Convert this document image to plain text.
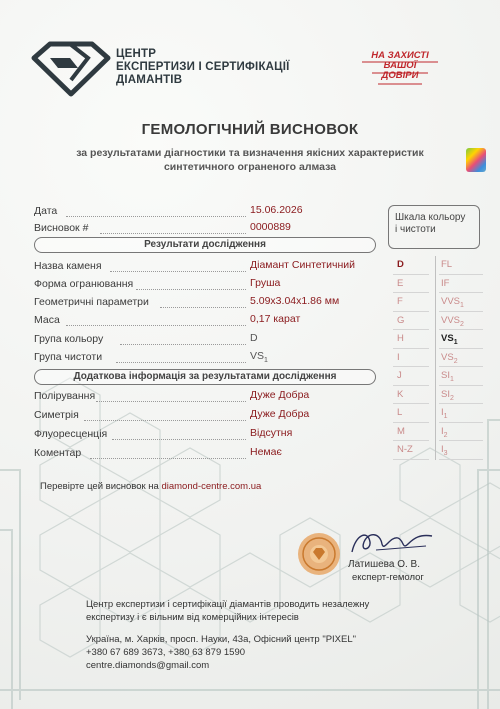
ЦЕНТР
ЕКСПЕРТИЗИ І СЕРТИФІКАЦІЇ
ДІАМАНТІВ
НА ЗАХИСТІ
ВАШОЇ
ДОВІРИ
ГЕМОЛОГІЧНИЙ ВИСНОВОК
за результатами діагностики та визначення якісних характеристик
синтетичного ограненого алмаза
Дата	15.06.2026
Висновок #	0000889
Результати дослідження
Назва каменя	Діамант Синтетичний
Форма огранювання	Груша
Геометричні параметри	5.09х3.04х1.86 мм
Маса	0,17 карат
Група кольору	D
Група чистоти	$VS_1$
Додаткова інформація за результатами дослідження
Полірування	Дуже Добра
Симетрія	Дуже Добра
Флуоресценція	Відсутня
Коментар	Немає
Шкала кольору
і чистоти
D	FL
E	IF
F	$VVS_1$
G	$VVS_2$
H	$VS_1$
I	$VS_2$
J	$SI_1$
K	$SI_2$
L	$I_1$
M	$I_2$
N-Z	$I_3$
Перевірте цей висновок на diamond-centre.com.ua
Латишева О. В.
експерт-гемолог
Центр експертизи і сертифікації діамантів проводить незалежну
експертизу і є вільним від комерційних інтересів
Україна, м. Харків, просп. Науки, 43а, Офісний центр "PIXEL"
+380 67 689 3673, +380 63 879 1590
centre.diamonds@gmail.com
